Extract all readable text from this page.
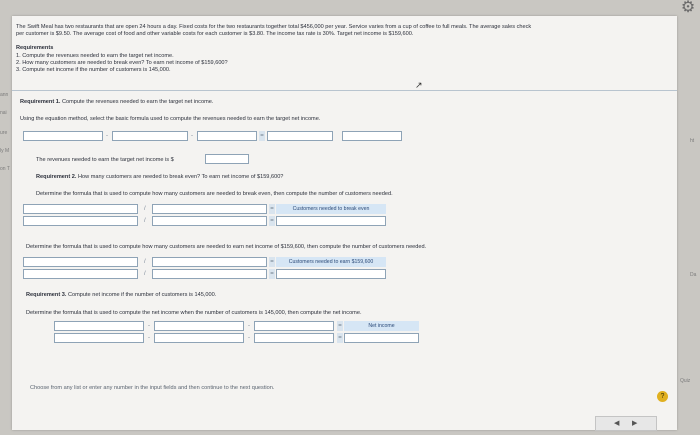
⚙
ann
nai
ure
ly M
on T
ht
Da
Quiz
The Swift Meal has two restaurants that are open 24 hours a day. Fixed costs for the two restaurants together total $456,000 per year. Service varies from a cup of coffee to full meals. The average sales check
per customer is $9.50. The average cost of food and other variable costs for each customer is $3.80. The income tax rate is 30%. Target net income is $159,600.
Requirements
1. Compute the revenues needed to earn the target net income.
2. How many customers are needed to break even? To earn net income of $159,600?
3. Compute net income if the number of customers is 145,000.
Requirement 1. Compute the revenues needed to earn the target net income.
Using the equation method, select the basic formula used to compute the revenues needed to earn the target net income.
-	-	=
The revenues needed to earn the target net income is $
Requirement 2. How many customers are needed to break even? To earn net income of $159,600?
Determine the formula that is used to compute how many customers are needed to break even, then compute the number of customers needed.
/	=	Customers needed to break even
/	=
Determine the formula that is used to compute how many customers are needed to earn net income of $159,600, then compute the number of customers needed.
/	=	Customers needed to earn $159,600
/	=
Requirement 3. Compute net income if the number of customers is 145,000.
Determine the formula that is used to compute the net income when the number of customers is 145,000, then compute the net income.
-	-	=	Net income
-	-	=
Choose from any list or enter any number in the input fields and then continue to the next question.
↗
?
◀ ▶
